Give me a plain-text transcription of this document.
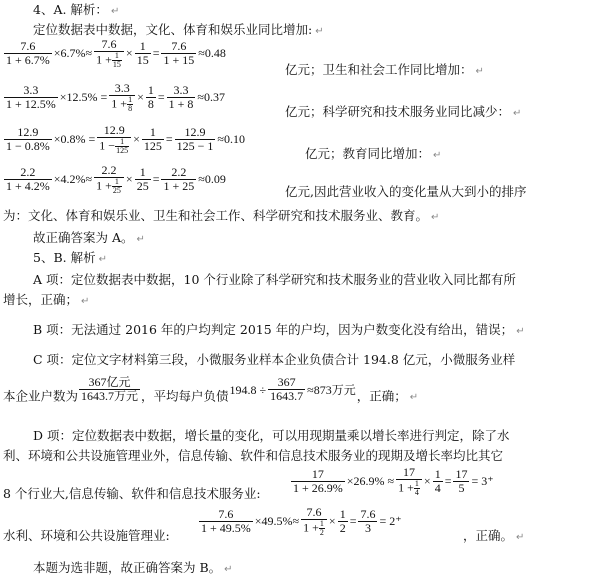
4、A. 解析： ↵
定位数据表中数据，文化、体育和娱乐业同比增加: ↵
$\frac{7.6}{1 + 6.7\%} \times 6.7\%\approx \frac{7.6}{1 + \frac{1}{15}} \times \frac{1}{15} = \frac{7.6}{1 + 15} \approx 0.48$
亿元；卫生和社会工作同比增加： ↵
$\frac{3.3}{1 + 12.5\%} \times 12.5\% = \frac{3.3}{1 + \frac{1}{8}} \times \frac{1}{8} = \frac{3.3}{1 + 8} \approx 0.37$
亿元；科学研究和技术服务业同比减少： ↵
$\frac{12.9}{1 - 0.8\%} \times 0.8\% = \frac{12.9}{1 - \frac{1}{125}} \times \frac{1}{125} = \frac{12.9}{125 - 1} \approx 0.10$
亿元；教育同比增加： ↵
$\frac{2.2}{1 + 4.2\%} \times 4.2\%\approx \frac{2.2}{1 + \frac{1}{25}} \times \frac{1}{25} = \frac{2.2}{1 + 25} \approx 0.09$
亿元,因此营业收入的变化量从大到小的排序
为：文化、体育和娱乐业、卫生和社会工作、科学研究和技术服务业、教育。 ↵
故正确答案为 A。 ↵
5、B. 解析 ↵
A 项：定位数据表中数据，10 个行业除了科学研究和技术服务业的营业收入同比都有所
增长，正确； ↵
B 项：无法通过 2016 年的户均判定 2015 年的户均，因为户数变化没有给出，错误； ↵
C 项：定位文字材料第三段，小微服务业样本企业负债合计 194.8 亿元，小微服务业样
本企业户数为 $\frac{\text{367亿元}}{\text{1643.7万元}}$ ，平均每户负债$194.8 \div \frac{367}{1643.7} \approx 873$万元，正确； ↵
D 项：定位数据表中数据，增长量的变化，可以用现期量乘以增长率进行判定，除了水
利、环境和公共设施管理业外，信息传输、软件和信息技术服务业的现期及增长率均比其它
8 个行业大,信息传输、软件和信息技术服务业:	$\frac{17}{1 + 26.9\%} \times 26.9\% \approx \frac{17}{1 + \frac{1}{4}} \times \frac{1}{4} = \frac{17}{5} = 3^+$
水利、环境和公共设施管理业:
$\frac{7.6}{1 + 49.5\%} \times 49.5\%\approx \frac{7.6}{1 + \frac{1}{2}} \times \frac{1}{2} = \frac{7.6}{3} = 2^+$
，正确。 ↵
本题为选非题，故正确答案为 B。 ↵
